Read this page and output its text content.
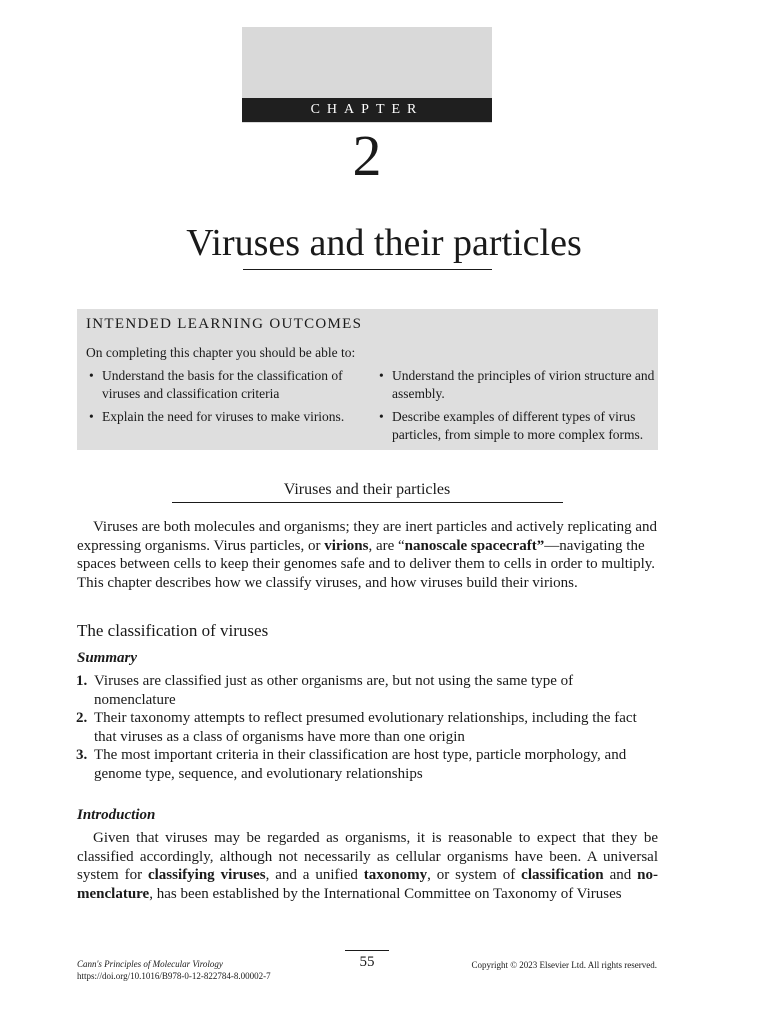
CHAPTER
2
Viruses and their particles
INTENDED LEARNING OUTCOMES
On completing this chapter you should be able to:
• Understand the basis for the classification of viruses and classification criteria
• Explain the need for viruses to make virions.
• Understand the principles of virion structure and assembly.
• Describe examples of different types of virus particles, from simple to more complex forms.
Viruses and their particles
Viruses are both molecules and organisms; they are inert particles and actively replicating and expressing organisms. Virus particles, or virions, are “nanoscale spacecraft”—navigating the spaces between cells to keep their genomes safe and to deliver them to cells in order to multiply. This chapter describes how we classify viruses, and how viruses build their virions.
The classification of viruses
Summary
1. Viruses are classified just as other organisms are, but not using the same type of nomenclature
2. Their taxonomy attempts to reflect presumed evolutionary relationships, including the fact that viruses as a class of organisms have more than one origin
3. The most important criteria in their classification are host type, particle morphology, and genome type, sequence, and evolutionary relationships
Introduction
Given that viruses may be regarded as organisms, it is reasonable to expect that they be classified accordingly, although not necessarily as cellular organisms have been. A universal system for classifying viruses, and a unified taxonomy, or system of classification and no-menclature, has been established by the International Committee on Taxonomy of Viruses
55
Cann's Principles of Molecular Virology
https://doi.org/10.1016/B978-0-12-822784-8.00002-7
Copyright © 2023 Elsevier Ltd. All rights reserved.
